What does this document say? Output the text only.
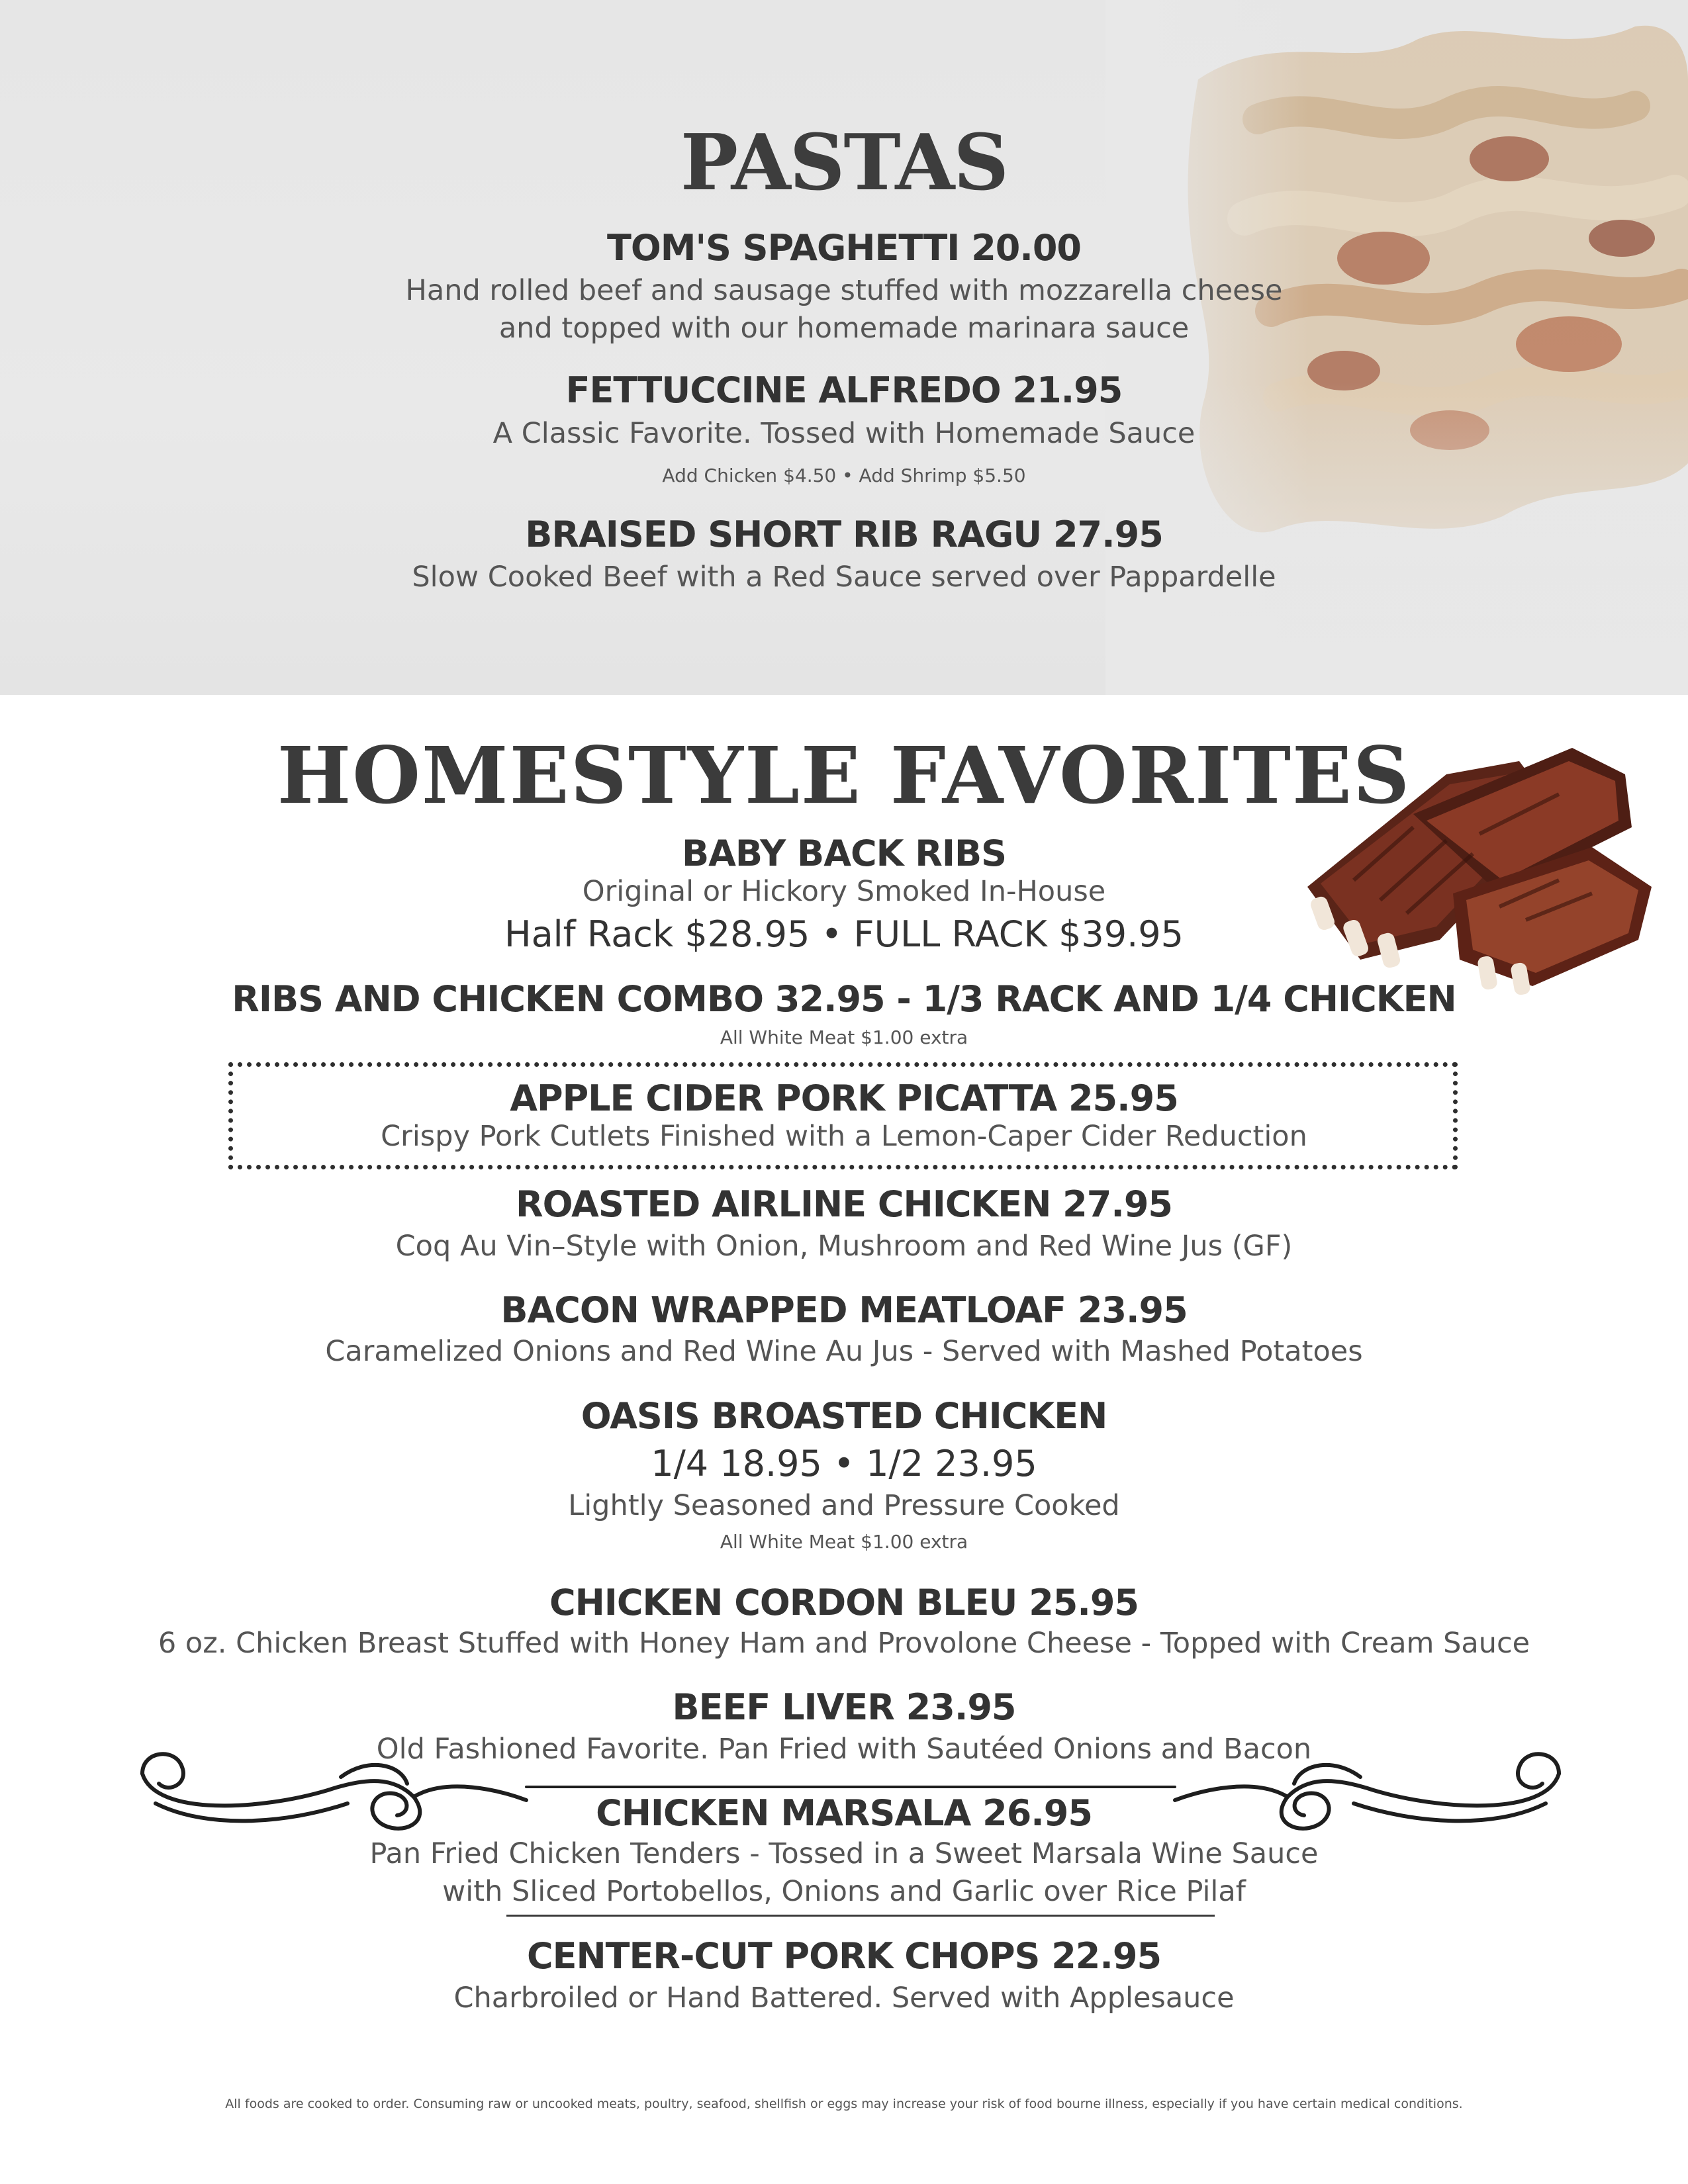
PASTAS
TOM'S SPAGHETTI 20.00
Hand rolled beef and sausage stuffed with mozzarella cheese
and topped with our homemade marinara sauce
FETTUCCINE ALFREDO 21.95
A Classic Favorite. Tossed with Homemade Sauce
Add Chicken $4.50 • Add Shrimp $5.50
BRAISED SHORT RIB RAGU 27.95
Slow Cooked Beef with a Red Sauce served over Pappardelle
HOMESTYLE FAVORITES
BABY BACK RIBS
Original or Hickory Smoked In-House
Half Rack $28.95 • FULL RACK $39.95
RIBS AND CHICKEN COMBO 32.95 - 1/3 RACK AND 1/4 CHICKEN
All White Meat $1.00 extra
APPLE CIDER PORK PICATTA 25.95
Crispy Pork Cutlets Finished with a Lemon-Caper Cider Reduction
ROASTED AIRLINE CHICKEN 27.95
Coq Au Vin–Style with Onion, Mushroom and Red Wine Jus (GF)
BACON WRAPPED MEATLOAF 23.95
Caramelized Onions and Red Wine Au Jus - Served with Mashed Potatoes
OASIS BROASTED CHICKEN
1/4 18.95 • 1/2 23.95
Lightly Seasoned and Pressure Cooked
All White Meat $1.00 extra
CHICKEN CORDON BLEU 25.95
6 oz. Chicken Breast Stuffed with Honey Ham and Provolone Cheese - Topped with Cream Sauce
BEEF LIVER 23.95
Old Fashioned Favorite. Pan Fried with Sautéed Onions and Bacon
CHICKEN MARSALA 26.95
Pan Fried Chicken Tenders - Tossed in a Sweet Marsala Wine Sauce
with Sliced Portobellos, Onions and Garlic over Rice Pilaf
CENTER-CUT PORK CHOPS 22.95
Charbroiled or Hand Battered. Served with Applesauce
All foods are cooked to order. Consuming raw or uncooked meats, poultry, seafood, shellfish or eggs may increase your risk of food bourne illness, especially if you have certain medical conditions.
